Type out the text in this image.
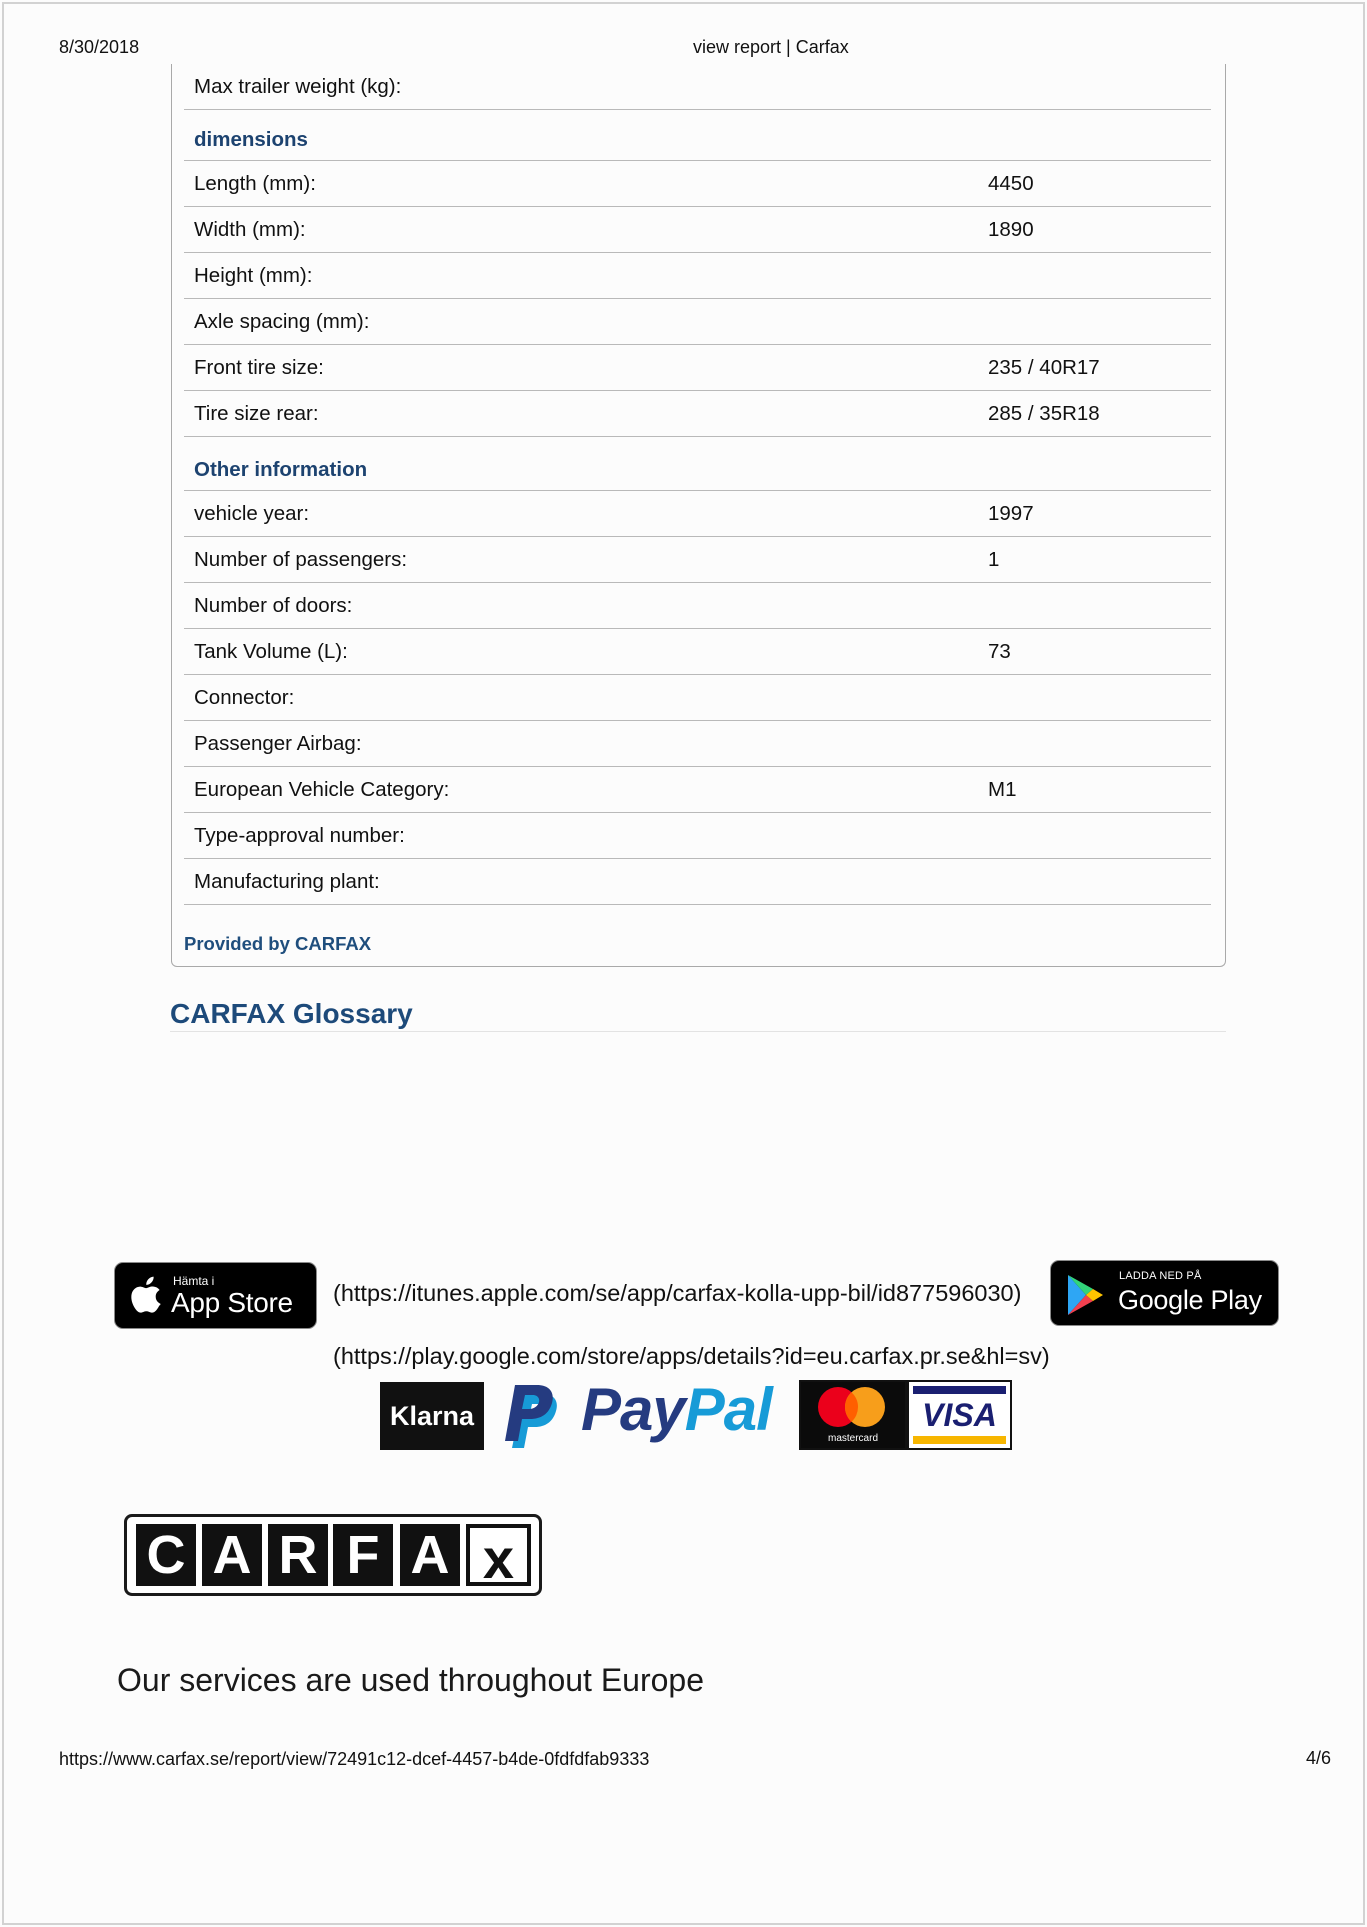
8/30/2018	view report | Carfax
Max trailer weight (kg):
dimensions
Length (mm):	4450
Width (mm):	1890
Height (mm):
Axle spacing (mm):
Front tire size:	235 / 40R17
Tire size rear:	285 / 35R18
Other information
vehicle year:	1997
Number of passengers:	1
Number of doors:
Tank Volume (L):	73
Connector:
Passenger Airbag:
European Vehicle Category:	M1
Type-approval number:
Manufacturing plant:
Provided by CARFAX
CARFAX Glossary
Hämta i
App Store (https://itunes.apple.com/se/app/carfax-kolla-upp-bil/id877596030)
LADDA NED PÅ
Google Play
(https://play.google.com/store/apps/details?id=eu.carfax.pr.se&hl=sv)
Klarna PayPal	mastercard
VISA
C A R F A x
Our services are used throughout Europe
https://www.carfax.se/report/view/72491c12-dcef-4457-b4de-0fdfdfab9333	4/6
